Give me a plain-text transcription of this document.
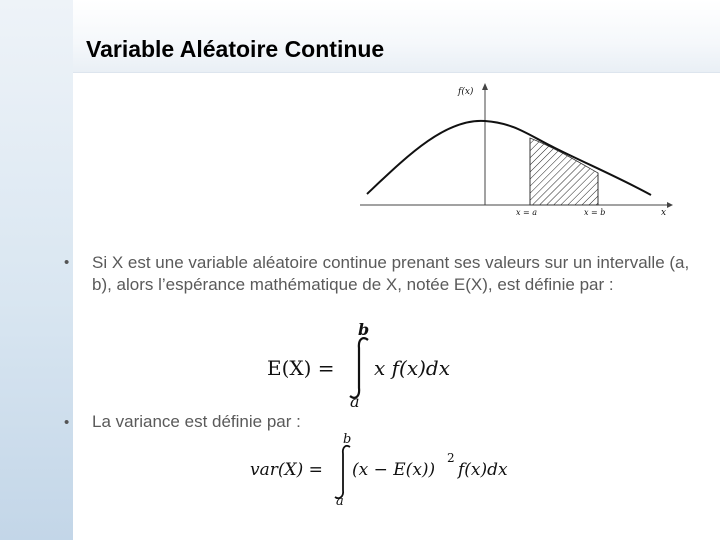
Variable Aléatoire Continue
f(x)
x = a	x = b	x
• Si X est une variable aléatoire continue prenant ses valeurs sur un intervalle (a, b), alors l’espérance mathématique de X, notée E(X), est définie par :
E(X) =
b
a
x f(x)dx
• La variance est définie par :
var(X) =
b
a
(x − E(x))
2
f(x)dx
